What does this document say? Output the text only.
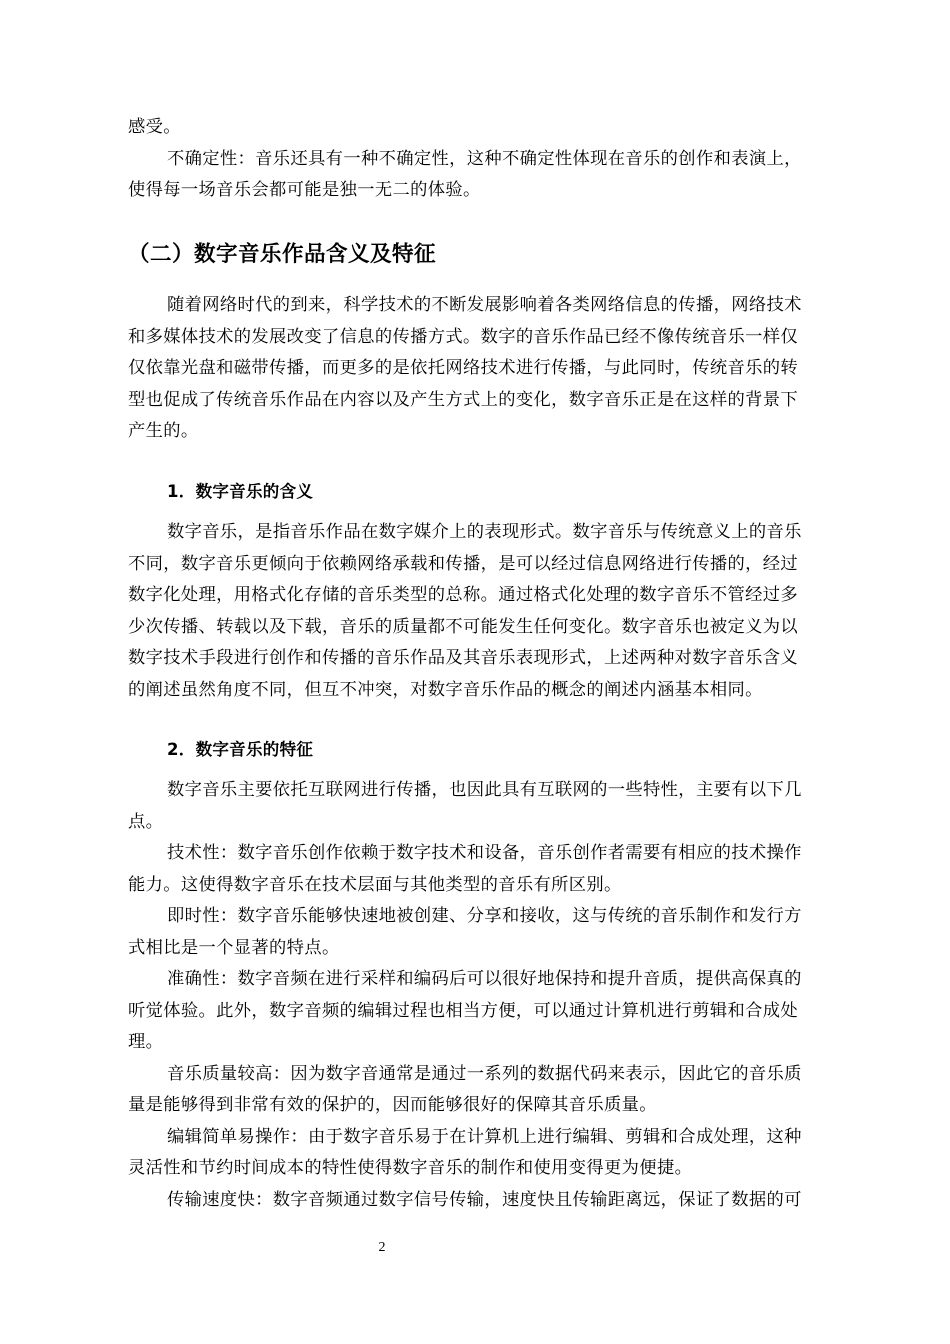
感受。

不确定性：音乐还具有一种不确定性，这种不确定性体现在音乐的创作和表演上，

使得每一场音乐会都可能是独一无二的体验。

（二）数字音乐作品含义及特征

随着网络时代的到来，科学技术的不断发展影响着各类网络信息的传播，网络技术

和多媒体技术的发展改变了信息的传播方式。数字的音乐作品已经不像传统音乐一样仅

仅依靠光盘和磁带传播，而更多的是依托网络技术进行传播，与此同时，传统音乐的转

型也促成了传统音乐作品在内容以及产生方式上的变化，数字音乐正是在这样的背景下

产生的。

1．数字音乐的含义

数字音乐，是指音乐作品在数字媒介上的表现形式。数字音乐与传统意义上的音乐

不同，数字音乐更倾向于依赖网络承载和传播，是可以经过信息网络进行传播的，经过

数字化处理，用格式化存储的音乐类型的总称。通过格式化处理的数字音乐不管经过多

少次传播、转载以及下载，音乐的质量都不可能发生任何变化。数字音乐也被定义为以

数字技术手段进行创作和传播的音乐作品及其音乐表现形式，上述两种对数字音乐含义

的阐述虽然角度不同，但互不冲突，对数字音乐作品的概念的阐述内涵基本相同。

2．数字音乐的特征

数字音乐主要依托互联网进行传播，也因此具有互联网的一些特性，主要有以下几

点。

技术性：数字音乐创作依赖于数字技术和设备，音乐创作者需要有相应的技术操作

能力。这使得数字音乐在技术层面与其他类型的音乐有所区别。

即时性：数字音乐能够快速地被创建、分享和接收，这与传统的音乐制作和发行方

式相比是一个显著的特点。

准确性：数字音频在进行采样和编码后可以很好地保持和提升音质，提供高保真的

听觉体验。此外，数字音频的编辑过程也相当方便，可以通过计算机进行剪辑和合成处

理。

音乐质量较高：因为数字音通常是通过一系列的数据代码来表示，因此它的音乐质

量是能够得到非常有效的保护的，因而能够很好的保障其音乐质量。

编辑简单易操作：由于数字音乐易于在计算机上进行编辑、剪辑和合成处理，这种

灵活性和节约时间成本的特性使得数字音乐的制作和使用变得更为便捷。

传输速度快：数字音频通过数字信号传输，速度快且传输距离远，保证了数据的可

2
